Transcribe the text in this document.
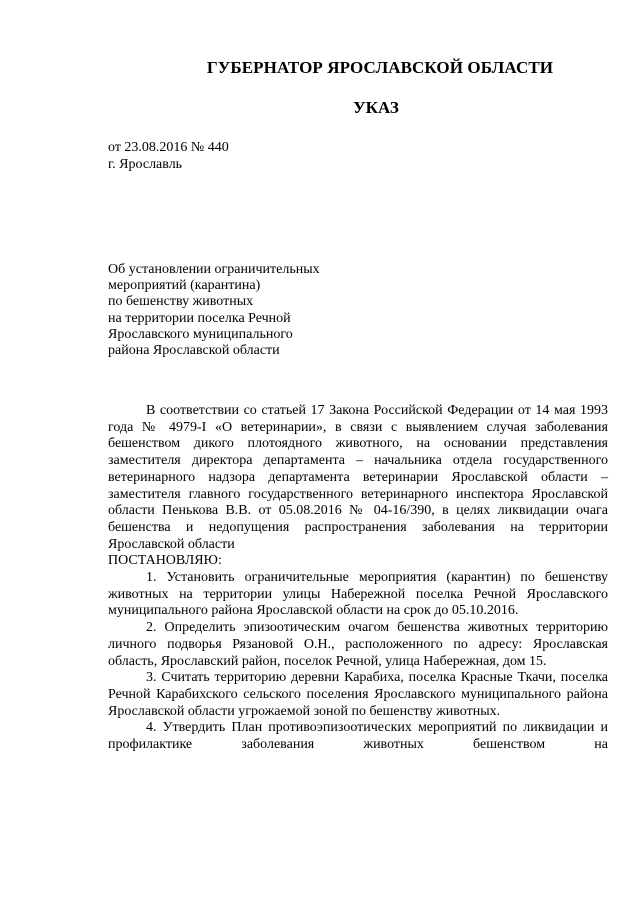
ГУБЕРНАТОР ЯРОСЛАВСКОЙ ОБЛАСТИ
УКАЗ
от 23.08.2016 № 440
г. Ярославль
Об установлении ограничительных
мероприятий (карантина)
по бешенству животных
на территории поселка Речной
Ярославского муниципального
района Ярославской области

В соответствии со статьей 17 Закона Российской Федерации от 14 мая 1993 года № 4979-I «О ветеринарии», в связи с выявлением случая заболевания бешенством дикого плотоядного животного, на основании представления заместителя директора департамента – начальника отдела государственного ветеринарного надзора департамента ветеринарии Ярославской области – заместителя главного государственного ветеринарного инспектора Ярославской области Пенькова В.В. от 05.08.2016 № 04-16/390, в целях ликвидации очага бешенства и недопущения распространения заболевания на территории Ярославской области

ПОСТАНОВЛЯЮ:

1. Установить ограничительные мероприятия (карантин) по бешенству животных на территории улицы Набережной поселка Речной Ярославского муниципального района Ярославской области на срок до 05.10.2016.

2. Определить эпизоотическим очагом бешенства животных территорию личного подворья Рязановой О.Н., расположенного по адресу: Ярославская область, Ярославский район, поселок Речной, улица Набережная, дом 15.

3. Считать территорию деревни Карабиха, поселка Красные Ткачи, поселка Речной Карабихского сельского поселения Ярославского муниципального района Ярославской области угрожаемой зоной по бешенству животных.

4. Утвердить План противоэпизоотических мероприятий по ликвидации и профилактике заболевания животных бешенством на
